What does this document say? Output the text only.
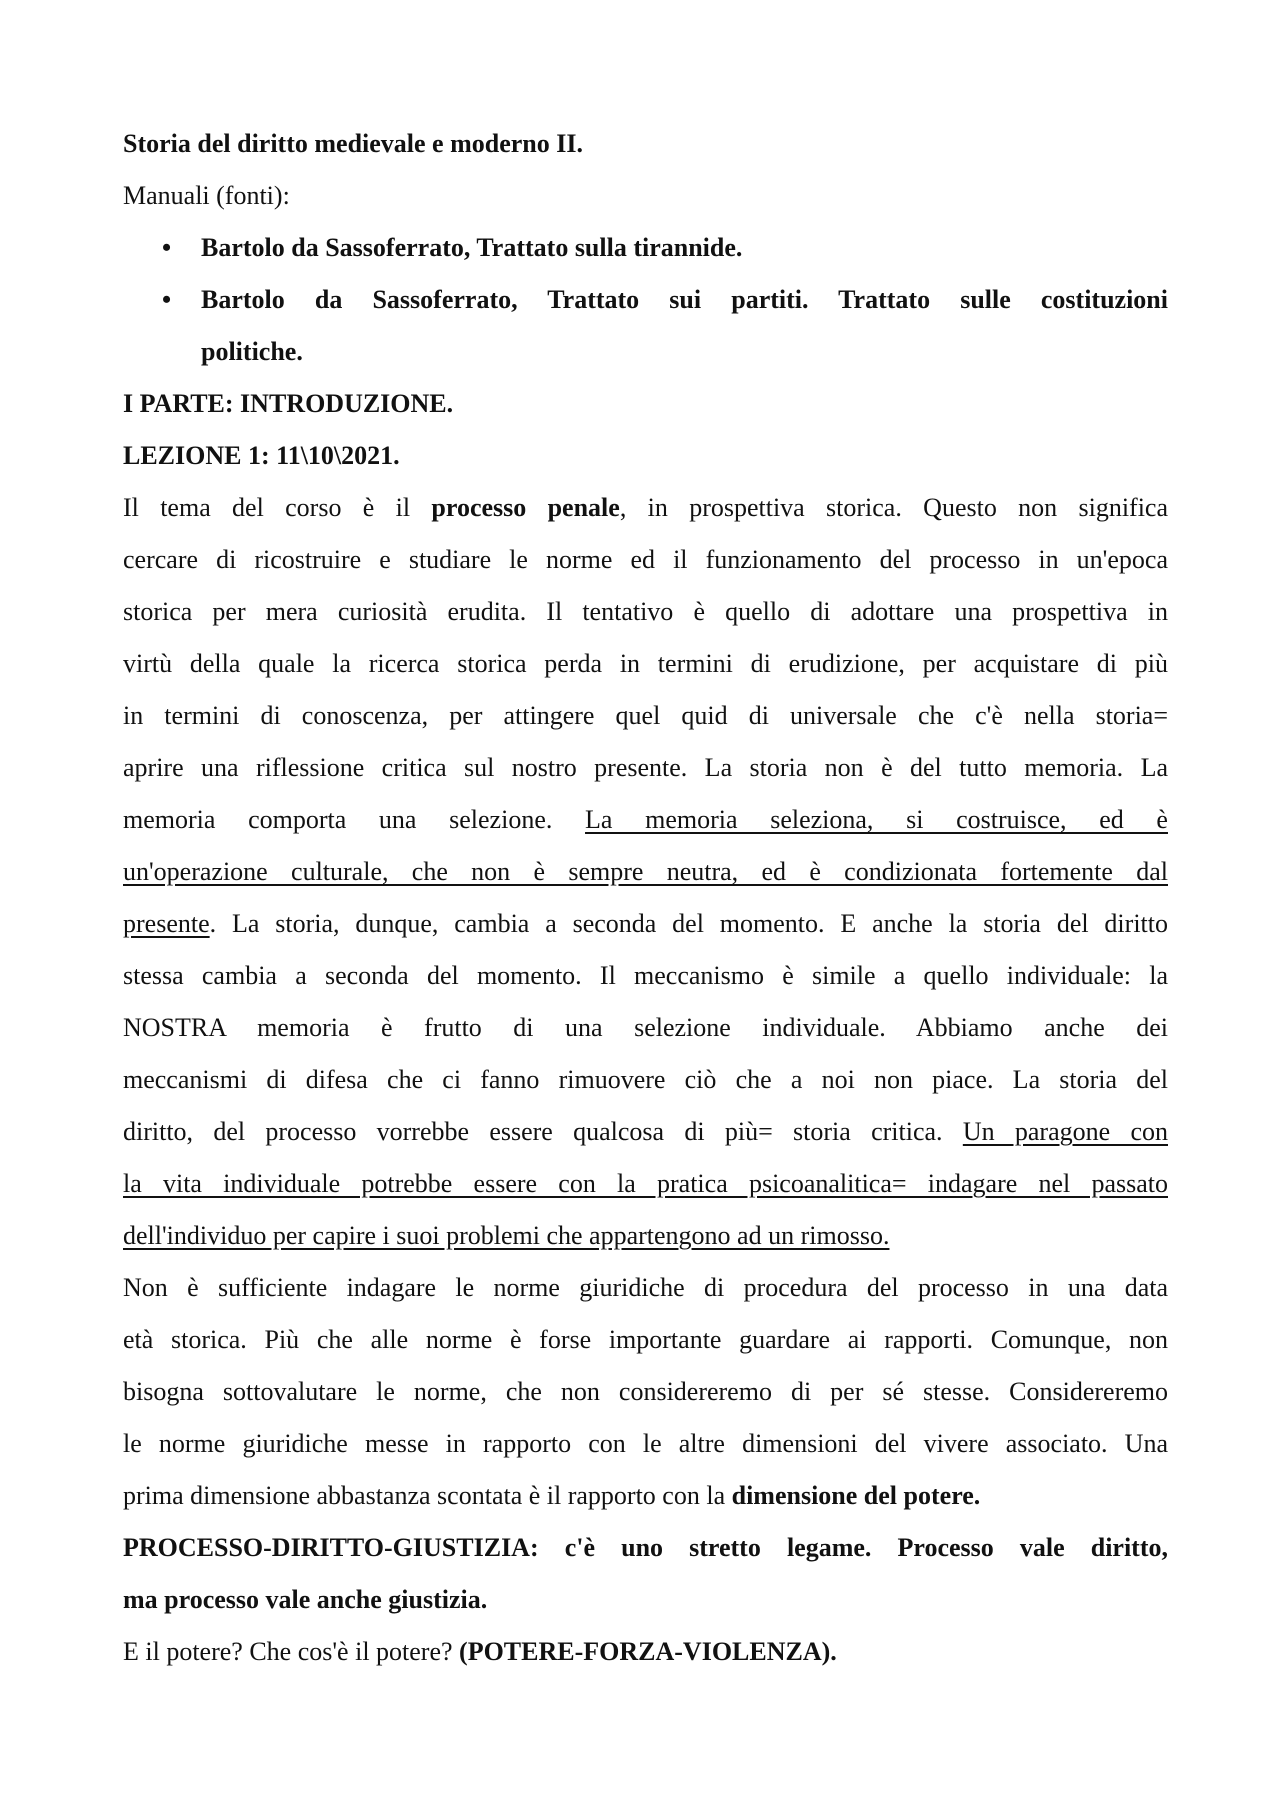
Storia del diritto medievale e moderno II.
Manuali (fonti):
• Bartolo da Sassoferrato, Trattato sulla tirannide.
• Bartolo da Sassoferrato, Trattato sui partiti. Trattato sulle costituzioni
politiche.
I PARTE: INTRODUZIONE.
LEZIONE 1: 11\10\2021.
Il tema del corso è il processo penale, in prospettiva storica. Questo non significa
cercare di ricostruire e studiare le norme ed il funzionamento del processo in un'epoca
storica per mera curiosità erudita. Il tentativo è quello di adottare una prospettiva in
virtù della quale la ricerca storica perda in termini di erudizione, per acquistare di più
in termini di conoscenza, per attingere quel quid di universale che c'è nella storia=
aprire una riflessione critica sul nostro presente. La storia non è del tutto memoria. La
memoria comporta una selezione. La memoria seleziona, si costruisce, ed è
un'operazione culturale, che non è sempre neutra, ed è condizionata fortemente dal
presente. La storia, dunque, cambia a seconda del momento. E anche la storia del diritto
stessa cambia a seconda del momento. Il meccanismo è simile a quello individuale: la
NOSTRA memoria è frutto di una selezione individuale. Abbiamo anche dei
meccanismi di difesa che ci fanno rimuovere ciò che a noi non piace. La storia del
diritto, del processo vorrebbe essere qualcosa di più= storia critica. Un paragone con
la vita individuale potrebbe essere con la pratica psicoanalitica= indagare nel passato
dell'individuo per capire i suoi problemi che appartengono ad un rimosso.
Non è sufficiente indagare le norme giuridiche di procedura del processo in una data
età storica. Più che alle norme è forse importante guardare ai rapporti. Comunque, non
bisogna sottovalutare le norme, che non considereremo di per sé stesse. Considereremo
le norme giuridiche messe in rapporto con le altre dimensioni del vivere associato. Una
prima dimensione abbastanza scontata è il rapporto con la dimensione del potere.
PROCESSO-DIRITTO-GIUSTIZIA: c'è uno stretto legame. Processo vale diritto,
ma processo vale anche giustizia.
E il potere? Che cos'è il potere? (POTERE-FORZA-VIOLENZA).
